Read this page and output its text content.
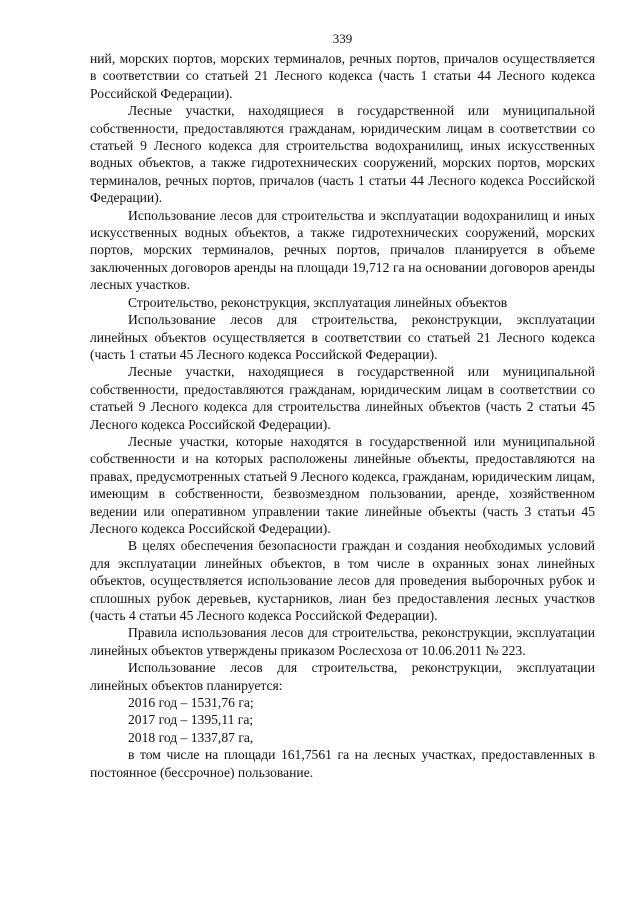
339

ний, морских портов, морских терминалов, речных портов, причалов осуществляется в соответствии со статьей 21 Лесного кодекса (часть 1 статьи 44 Лесного кодекса Российской Федерации).

Лесные участки, находящиеся в государственной или муниципальной собственности, предоставляются гражданам, юридическим лицам в соответствии со статьей 9 Лесного кодекса для строительства водохранилищ, иных искусственных водных объектов, а также гидротехнических сооружений, морских портов, морских терминалов, речных портов, причалов (часть 1 статьи 44 Лесного кодекса Российской Федерации).

Использование лесов для строительства и эксплуатации водохранилищ и иных искусственных водных объектов, а также гидротехнических сооружений, морских портов, морских терминалов, речных портов, причалов планируется в объеме заключенных договоров аренды на площади 19,712 га на основании договоров аренды лесных участков.

Строительство, реконструкция, эксплуатация линейных объектов

Использование лесов для строительства, реконструкции, эксплуатации линейных объектов осуществляется в соответствии со статьей 21 Лесного кодекса (часть 1 статьи 45 Лесного кодекса Российской Федерации).

Лесные участки, находящиеся в государственной или муниципальной собственности, предоставляются гражданам, юридическим лицам в соответствии со статьей 9 Лесного кодекса для строительства линейных объектов (часть 2 статьи 45 Лесного кодекса Российской Федерации).

Лесные участки, которые находятся в государственной или муниципальной собственности и на которых расположены линейные объекты, предоставляются на правах, предусмотренных статьей 9 Лесного кодекса, гражданам, юридическим лицам, имеющим в собственности, безвозмездном пользовании, аренде, хозяйственном ведении или оперативном управлении такие линейные объекты (часть 3 статьи 45 Лесного кодекса Российской Федерации).

В целях обеспечения безопасности граждан и создания необходимых условий для эксплуатации линейных объектов, в том числе в охранных зонах линейных объектов, осуществляется использование лесов для проведения выборочных рубок и сплошных рубок деревьев, кустарников, лиан без предоставления лесных участков (часть 4 статьи 45 Лесного кодекса Российской Федерации).

Правила использования лесов для строительства, реконструкции, эксплуатации линейных объектов утверждены приказом Рослесхоза от 10.06.2011 № 223.

Использование лесов для строительства, реконструкции, эксплуатации линейных объектов планируется:

2016 год – 1531,76 га;

2017 год – 1395,11 га;

2018 год – 1337,87 га,

в том числе на площади 161,7561 га на лесных участках, предоставленных в постоянное (бессрочное) пользование.
